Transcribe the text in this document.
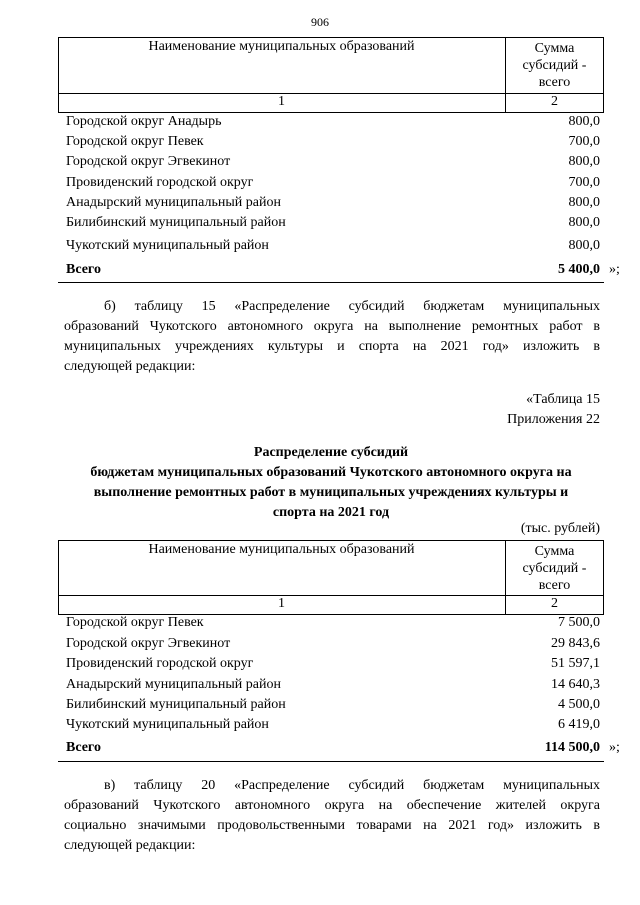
906
Наименование муниципальных образований	Сумма
субсидий -
всего
1	2
Городской округ Анадырь	800,0
Городской округ Певек	700,0
Городской округ Эгвекинот	800,0
Провиденский городской округ	700,0
Анадырский муниципальный район	800,0
Билибинский муниципальный район	800,0
Чукотский муниципальный район	800,0
Всего	5 400,0 »;
б) таблицу 15 «Распределение субсидий бюджетам муниципальных
образований Чукотского автономного округа на выполнение ремонтных работ в
муниципальных учреждениях культуры и спорта на 2021 год» изложить в
следующей редакции:
«Таблица 15
Приложения 22
Распределение субсидий
бюджетам муниципальных образований Чукотского автономного округа на
выполнение ремонтных работ в муниципальных учреждениях культуры и
спорта на 2021 год
(тыс. рублей)
Наименование муниципальных образований	Сумма
субсидий -
всего
1	2
Городской округ Певек	7 500,0
Городской округ Эгвекинот	29 843,6
Провиденский городской округ	51 597,1
Анадырский муниципальный район	14 640,3
Билибинский муниципальный район	4 500,0
Чукотский муниципальный район	6 419,0
Всего	114 500,0 »;
в) таблицу 20 «Распределение субсидий бюджетам муниципальных
образований Чукотского автономного округа на обеспечение жителей округа
социально значимыми продовольственными товарами на 2021 год» изложить в
следующей редакции:
